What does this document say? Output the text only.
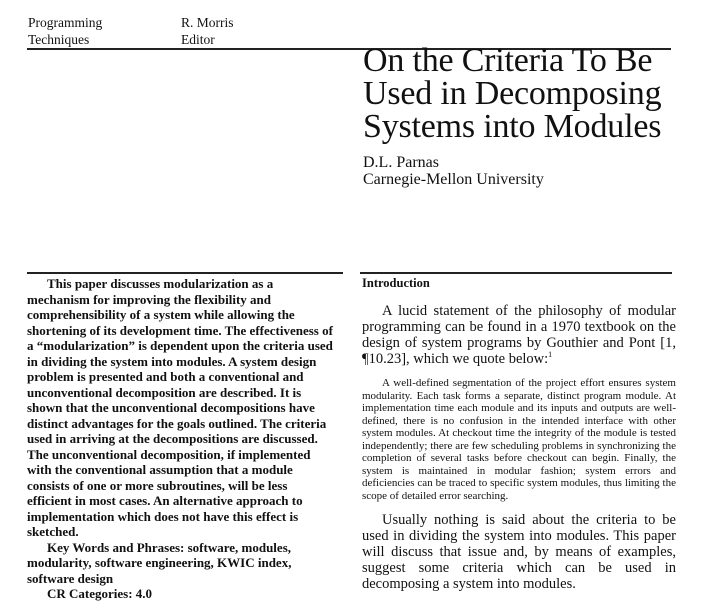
Programming
Techniques
R. Morris
Editor
On the Criteria To Be
Used in Decomposing
Systems into Modules
D.L. Parnas
Carnegie-Mellon University

This paper discusses modularization as a mechanism for improving the flexibility and comprehensibility of a system while allowing the shortening of its development time. The effectiveness of a “modularization” is dependent upon the criteria used in dividing the system into modules. A system design problem is presented and both a conventional and unconventional decomposition are described. It is shown that the unconventional decompositions have distinct advantages for the goals outlined. The criteria used in arriving at the decompositions are discussed. The unconventional decomposition, if implemented with the conventional assumption that a module consists of one or more subroutines, will be less efficient in most cases. An alternative approach to implementation which does not have this effect is sketched.

Key Words and Phrases: software, modules, modularity, software engineering, KWIC index, software design

CR Categories: 4.0

Introduction

A lucid statement of the philosophy of modular programming can be found in a 1970 textbook on the design of system programs by Gouthier and Pont [1, ¶10.23], which we quote below:$^1$

A well-defined segmentation of the project effort ensures system modularity. Each task forms a separate, distinct program module. At implementation time each module and its inputs and outputs are well-defined, there is no confusion in the intended interface with other system modules. At checkout time the integrity of the module is tested independently; there are few scheduling problems in synchronizing the completion of several tasks before checkout can begin. Finally, the system is maintained in modular fashion; system errors and deficiencies can be traced to specific system modules, thus limiting the scope of detailed error searching.

Usually nothing is said about the criteria to be used in dividing the system into modules. This paper will discuss that issue and, by means of examples, suggest some criteria which can be used in decomposing a system into modules.
